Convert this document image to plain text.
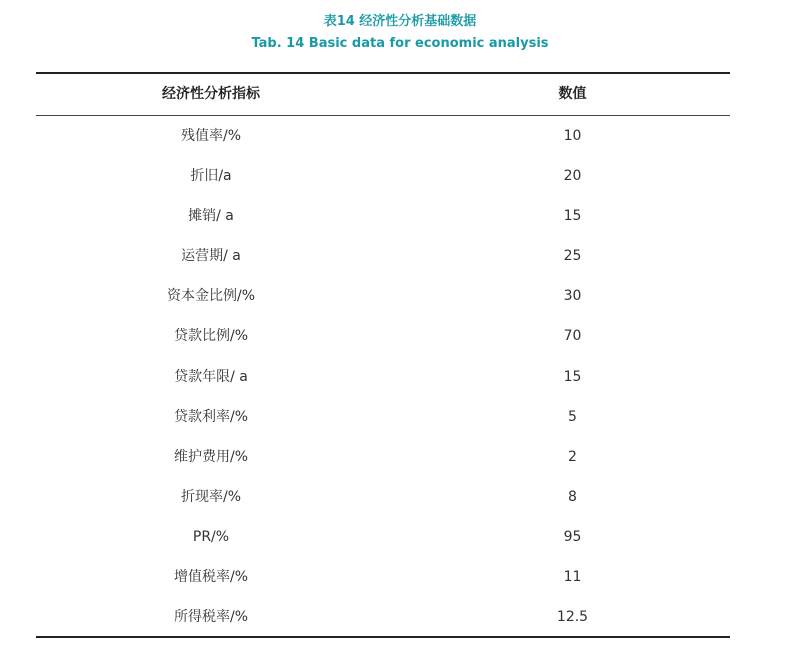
表14 经济性分析基础数据
Tab. 14 Basic data for economic analysis
经济性分析指标	数值
残值率/%	10
折旧/a	20
摊销/ a	15
运营期/ a	25
资本金比例/%	30
贷款比例/%	70
贷款年限/ a	15
贷款利率/%	5
维护费用/%	2
折现率/%	8
PR/%	95
增值税率/%	11
所得税率/%	12.5
